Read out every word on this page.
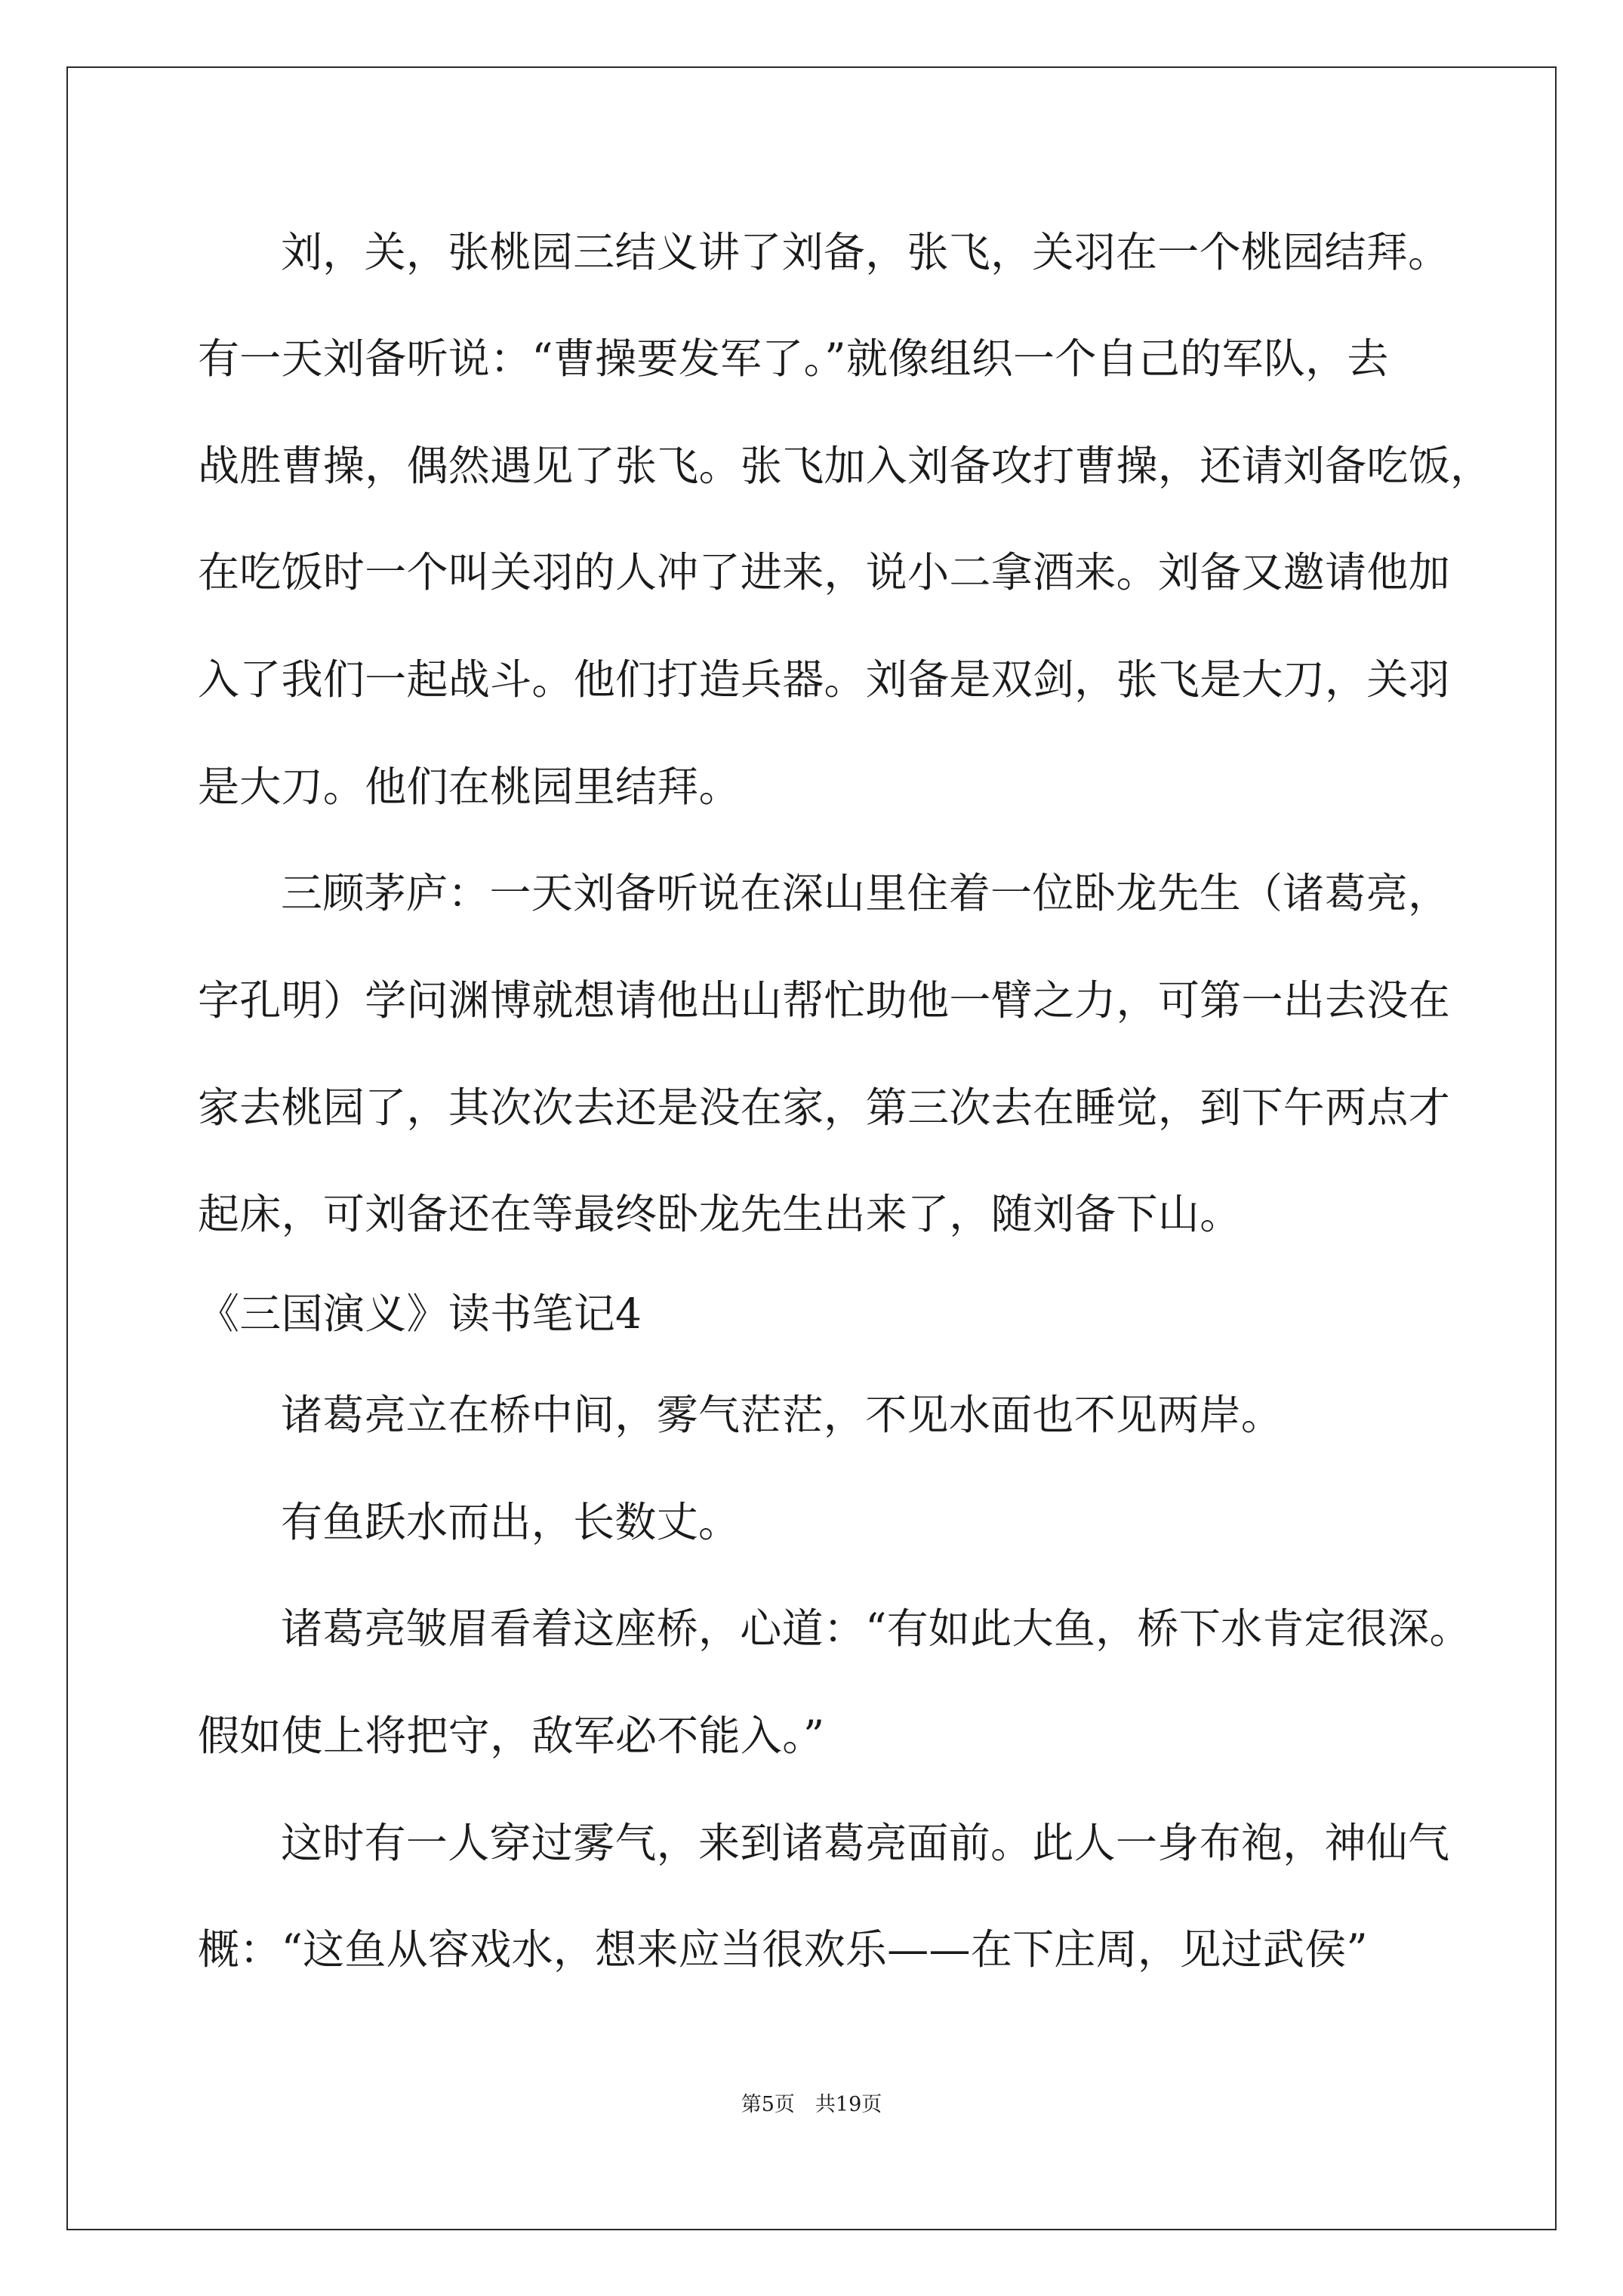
刘，关，张桃园三结义讲了刘备，张飞，关羽在一个桃园结拜。
有一天刘备听说：“曹操要发军了。”就像组织一个自己的军队，去
战胜曹操，偶然遇见了张飞。张飞加入刘备攻打曹操，还请刘备吃饭，
在吃饭时一个叫关羽的人冲了进来，说小二拿酒来。刘备又邀请他加
入了我们一起战斗。他们打造兵器。刘备是双剑，张飞是大刀，关羽
是大刀。他们在桃园里结拜。
三顾茅庐：一天刘备听说在深山里住着一位卧龙先生（诸葛亮，
字孔明）学问渊博就想请他出山帮忙助他一臂之力，可第一出去没在
家去桃园了，其次次去还是没在家，第三次去在睡觉，到下午两点才
起床，可刘备还在等最终卧龙先生出来了，随刘备下山。
《三国演义》读书笔记4
诸葛亮立在桥中间，雾气茫茫，不见水面也不见两岸。
有鱼跃水而出，长数丈。
诸葛亮皱眉看着这座桥，心道：“有如此大鱼，桥下水肯定很深。
假如使上将把守，敌军必不能入。”
这时有一人穿过雾气，来到诸葛亮面前。此人一身布袍，神仙气
概：“这鱼从容戏水，想来应当很欢乐——在下庄周，见过武侯”
第5页　共19页
